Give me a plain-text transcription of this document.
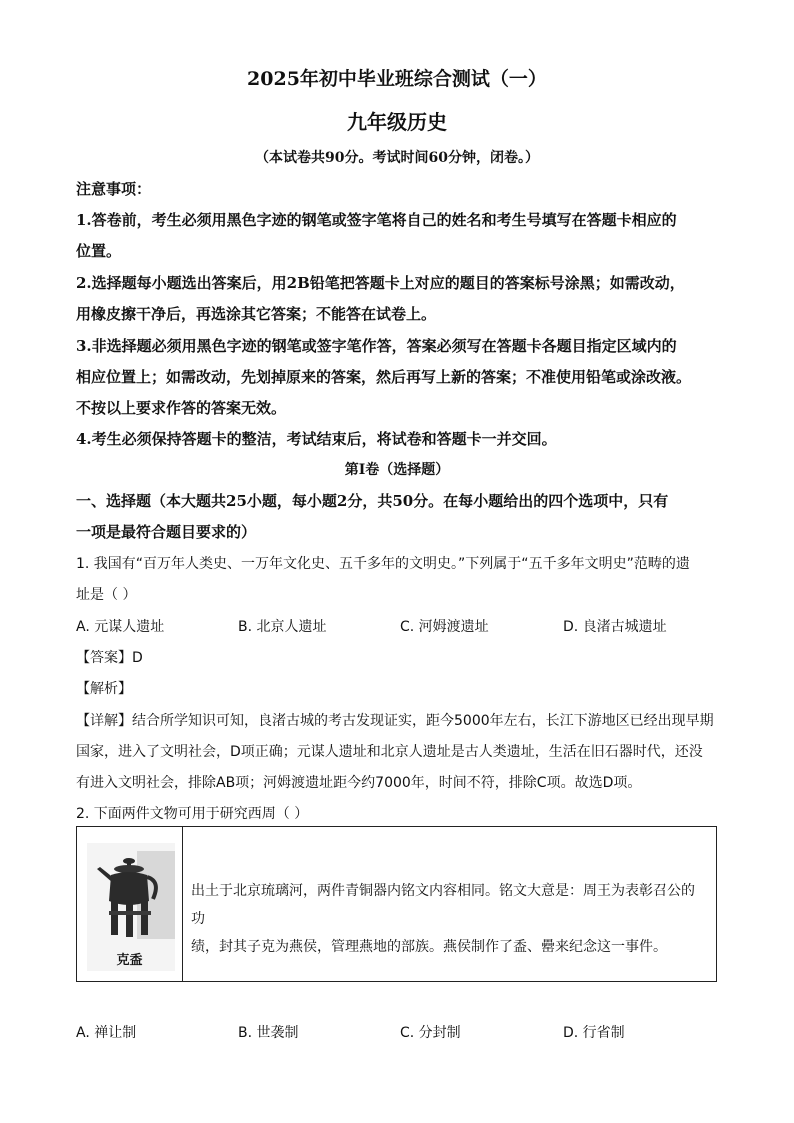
2025年初中毕业班综合测试（一）
九年级历史
（本试卷共90分。考试时间60分钟，闭卷。）
注意事项：
1.答卷前，考生必须用黑色字迹的钢笔或签字笔将自己的姓名和考生号填写在答题卡相应的
位置。
2.选择题每小题选出答案后，用2B铅笔把答题卡上对应的题目的答案标号涂黑；如需改动，
用橡皮擦干净后，再选涂其它答案；不能答在试卷上。
3.非选择题必须用黑色字迹的钢笔或签字笔作答，答案必须写在答题卡各题目指定区域内的
相应位置上；如需改动，先划掉原来的答案，然后再写上新的答案；不准使用铅笔或涂改液。
不按以上要求作答的答案无效。
4.考生必须保持答题卡的整洁，考试结束后，将试卷和答题卡一并交回。
第I卷（选择题）
一、选择题（本大题共25小题，每小题2分，共50分。在每小题给出的四个选项中，只有
一项是最符合题目要求的）
1. 我国有“百万年人类史、一万年文化史、五千多年的文明史。”下列属于“五千多年文明史”范畴的遗
址是（ ）
A. 元谋人遗址	B. 北京人遗址	C. 河姆渡遗址	D. 良渚古城遗址
【答案】D
【解析】
【详解】结合所学知识可知，良渚古城的考古发现证实，距今5000年左右，长江下游地区已经出现早期
国家，进入了文明社会，D项正确；元谋人遗址和北京人遗址是古人类遗址，生活在旧石器时代，还没
有进入文明社会，排除AB项；河姆渡遗址距今约7000年，时间不符，排除C项。故选D项。
2. 下面两件文物可用于研究西周（ ）
克盉
出土于北京琉璃河，两件青铜器内铭文内容相同。铭文大意是：周王为表彰召公的功
绩，封其子克为燕侯，管理燕地的部族。燕侯制作了盉、罍来纪念这一事件。
A. 禅让制	B. 世袭制	C. 分封制	D. 行省制
